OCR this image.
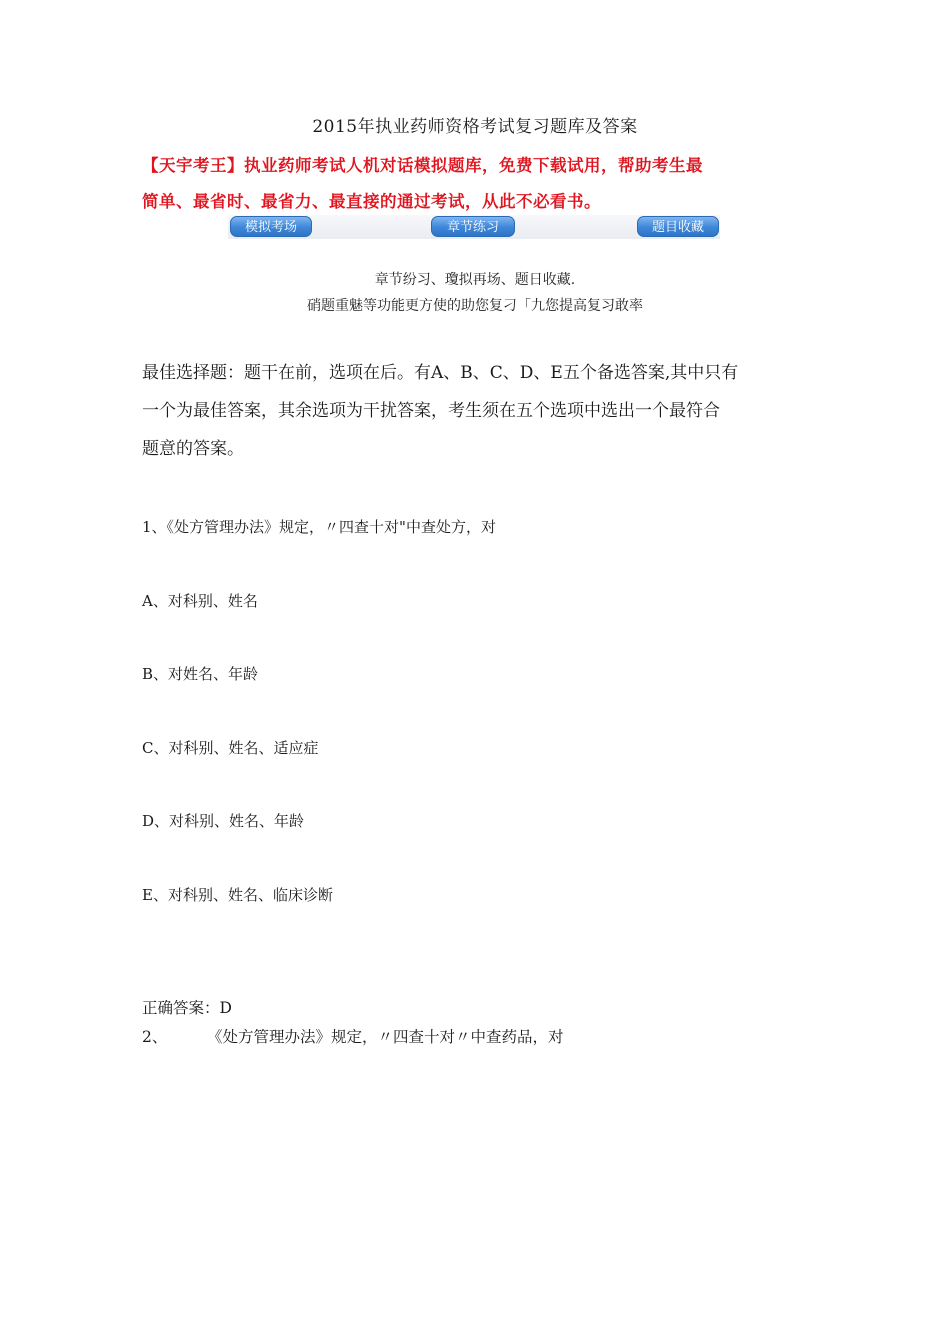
2015年执业药师资格考试复习题库及答案
【天宇考王】执业药师考试人机对话模拟题库，免费下载试用，帮助考生最
简单、最省时、最省力、最直接的通过考试，从此不必看书。
模拟考场	章节练习	题目收藏
章节纷习、瓊拟再场、题日收藏.
硝题重魅等功能更方使的助您复刁「九您提高复习敢率
最佳选择题：题干在前，选项在后。有A、B、C、D、E五个备选答案,其中只有
一个为最佳答案，其余选项为干扰答案，考生须在五个选项中选出一个最符合
题意的答案。
1、《处方管理办法》规定，〃四查十对"中查处方，对
A、对科别、姓名
B、对姓名、年龄
C、对科别、姓名、适应症
D、对科别、姓名、年龄
E、对科别、姓名、临床诊断
正确答案：D
2、	《处方管理办法》规定，〃四查十对〃中查药品，对
